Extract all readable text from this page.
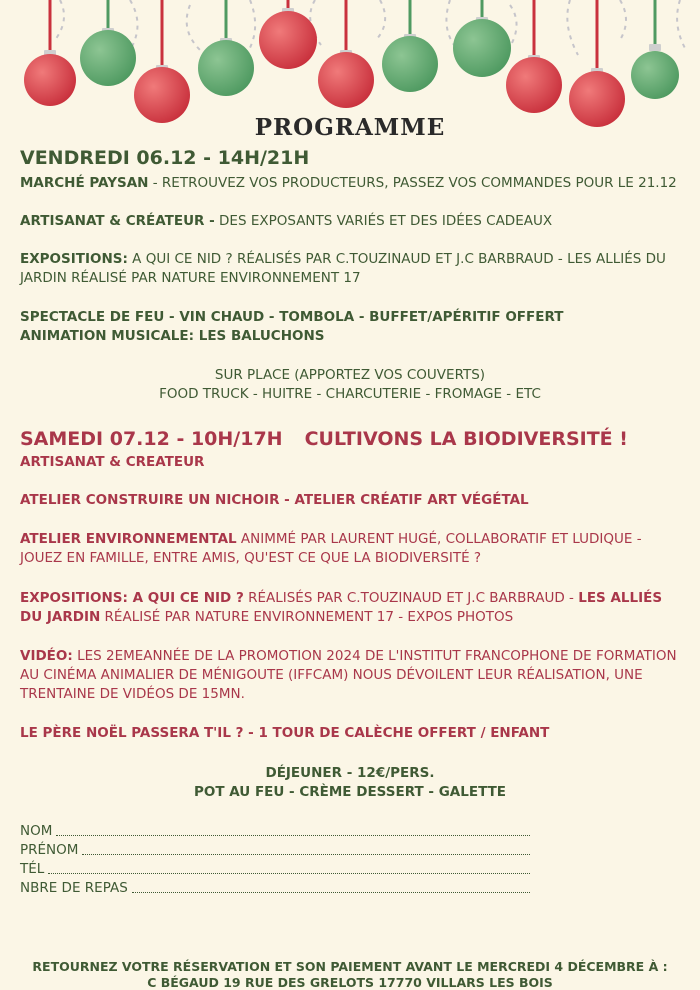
PROGRAMME
VENDREDI 06.12 - 14H/21H

MARCHÉ PAYSAN - RETROUVEZ VOS PRODUCTEURS, PASSEZ VOS COMMANDES POUR LE 21.12

ARTISANAT & CRÉATEUR - DES EXPOSANTS VARIÉS ET DES IDÉES CADEAUX

EXPOSITIONS: A QUI CE NID ? RÉALISÉS PAR C.TOUZINAUD ET J.C BARBRAUD - LES ALLIÉS DU JARDIN RÉALISÉ PAR NATURE ENVIRONNEMENT 17

SPECTACLE DE FEU - VIN CHAUD - TOMBOLA - BUFFET/APÉRITIF OFFERT

ANIMATION MUSICALE: LES BALUCHONS

SUR PLACE (APPORTEZ VOS COUVERTS)

FOOD TRUCK - HUITRE - CHARCUTERIE - FROMAGE - ETC

SAMEDI 07.12 - 10H/17H CULTIVONS LA BIODIVERSITÉ !

ARTISANAT & CREATEUR

ATELIER CONSTRUIRE UN NICHOIR - ATELIER CRÉATIF ART VÉGÉTAL

ATELIER ENVIRONNEMENTAL ANIMMÉ PAR LAURENT HUGÉ, COLLABORATIF ET LUDIQUE - JOUEZ EN FAMILLE, ENTRE AMIS, QU'EST CE QUE LA BIODIVERSITÉ ?

EXPOSITIONS: A QUI CE NID ? RÉALISÉS PAR C.TOUZINAUD ET J.C BARBRAUD - LES ALLIÉS DU JARDIN RÉALISÉ PAR NATURE ENVIRONNEMENT 17 - EXPOS PHOTOS

VIDÉO: LES 2EMEANNÉE DE LA PROMOTION 2024 DE L'INSTITUT FRANCOPHONE DE FORMATION AU CINÉMA ANIMALIER DE MÉNIGOUTE (IFFCAM) NOUS DÉVOILENT LEUR RÉALISATION, UNE TRENTAINE DE VIDÉOS DE 15MN.

LE PÈRE NOËL PASSERA T'IL ? - 1 TOUR DE CALÈCHE OFFERT / ENFANT

DÉJEUNER - 12€/PERS.

POT AU FEU - CRÈME DESSERT - GALETTE

NOM
PRÉNOM
TÉL
NBRE DE REPAS

RETOURNEZ VOTRE RÉSERVATION ET SON PAIEMENT AVANT LE MERCREDI 4 DÉCEMBRE À :

C BÉGAUD 19 RUE DES GRELOTS 17770 VILLARS LES BOIS
